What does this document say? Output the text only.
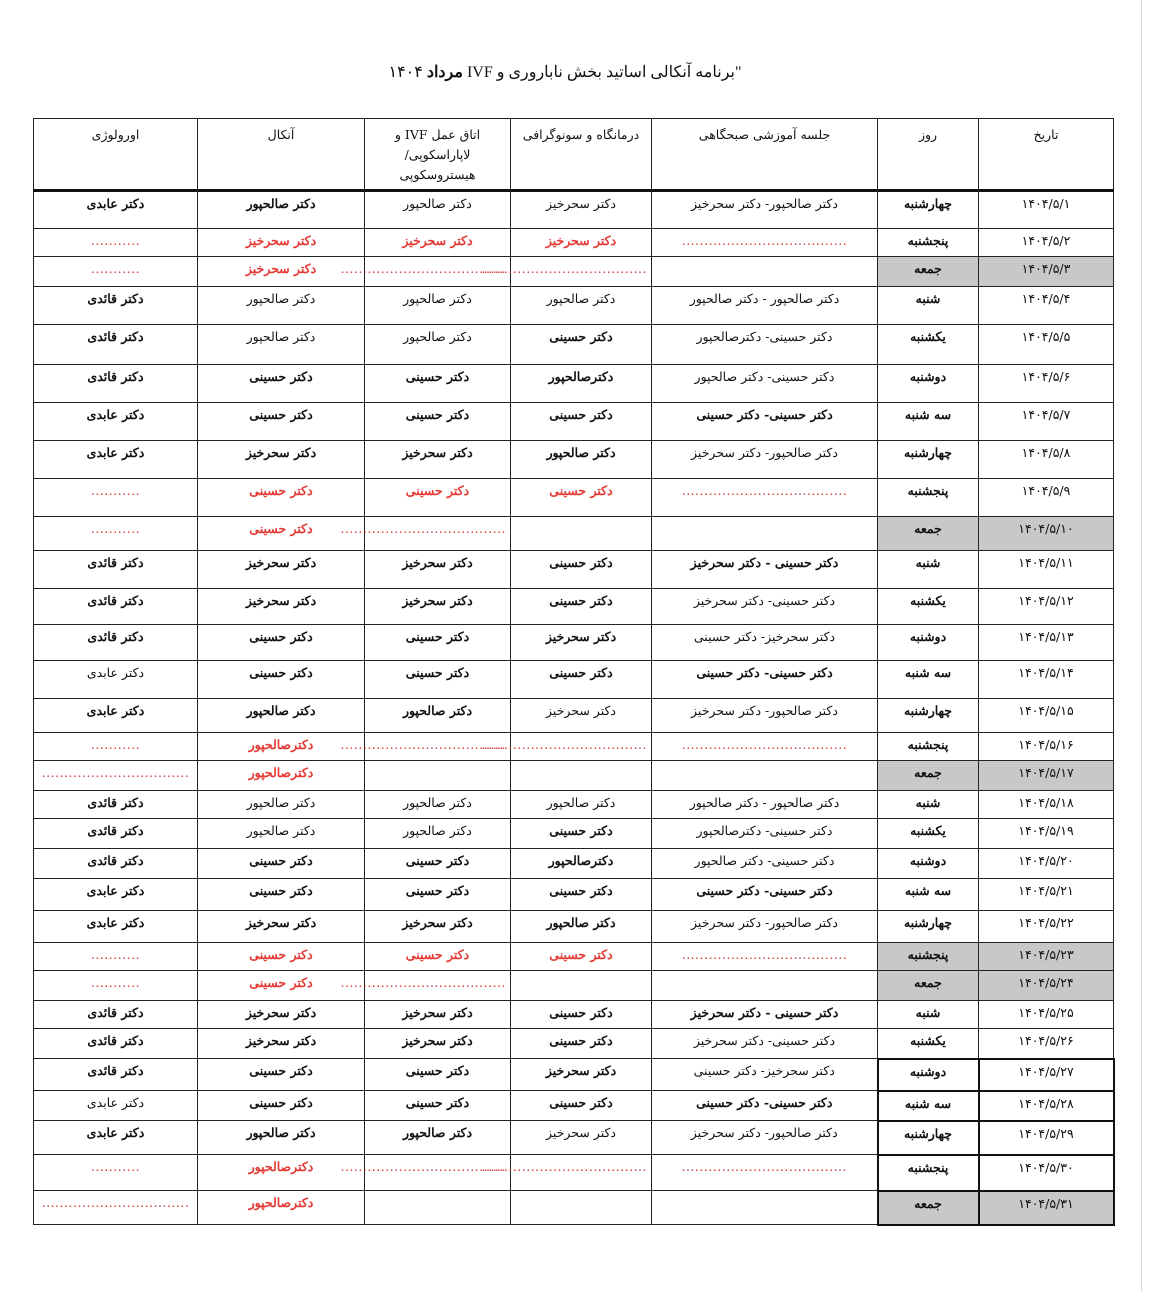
"برنامه آنکالی اساتید بخش ناباروری و IVF مرداد ۱۴۰۴
تاریخ	روز	جلسه آموزشی صبحگاهی	درمانگاه و سونوگرافی	اتاق عمل IVF و
لاپاراسکوپی/
هیستروسکوپی	آنکال	اورولوژی
۱۴۰۴/۵/۱	چهارشنبه	دکتر صالحپور- دکتر سحرخیز	دکتر سحرخیز	دکتر صالحپور	دکتر صالحپور	دکتر عابدی
۱۴۰۴/۵/۲	پنجشنبه	.....................................	دکتر سحرخیز	دکتر سحرخیز	دکتر سحرخیز	...........
۱۴۰۴/۵/۳	جمعه		.....................................	.....................................	دکتر سحرخیز	...........
۱۴۰۴/۵/۴	شنبه	دکتر صالحپور - دکتر صالحپور	دکتر صالحپور	دکتر صالحپور	دکتر صالحپور	دکتر قائدی
۱۴۰۴/۵/۵	یکشنبه	دکتر حسینی- دکترصالحپور	دکتر حسینی	دکتر صالحپور	دکتر صالحپور	دکتر قائدی
۱۴۰۴/۵/۶	دوشنبه	دکتر حسینی- دکتر صالحپور	دکترصالحپور	دکتر حسینی	دکتر حسینی	دکتر قائدی
۱۴۰۴/۵/۷	سه شنبه	دکتر حسینی- دکتر حسینی	دکتر حسینی	دکتر حسینی	دکتر حسینی	دکتر عابدی
۱۴۰۴/۵/۸	چهارشنبه	دکتر صالحپور- دکتر سحرخیز	دکتر صالحپور	دکتر سحرخیز	دکتر سحرخیز	دکتر عابدی
۱۴۰۴/۵/۹	پنجشنبه	.....................................	دکتر حسینی	دکتر حسینی	دکتر حسینی	...........
۱۴۰۴/۵/۱۰	جمعه			.....................................	دکتر حسینی	...........
۱۴۰۴/۵/۱۱	شنبه	دکتر حسینی - دکتر سحرخیز	دکتر حسینی	دکتر سحرخیز	دکتر سحرخیز	دکتر قائدی
۱۴۰۴/۵/۱۲	یکشنبه	دکتر حسینی- دکتر سحرخیز	دکتر حسینی	دکتر سحرخیز	دکتر سحرخیز	دکتر قائدی
۱۴۰۴/۵/۱۳	دوشنبه	دکتر سحرخیز- دکتر حسینی	دکتر سحرخیز	دکتر حسینی	دکتر حسینی	دکتر قائدی
۱۴۰۴/۵/۱۴	سه شنبه	دکتر حسینی- دکتر حسینی	دکتر حسینی	دکتر حسینی	دکتر حسینی	دکتر عابدی
۱۴۰۴/۵/۱۵	چهارشنبه	دکتر صالحپور- دکتر سحرخیز	دکتر سحرخیز	دکتر صالحپور	دکتر صالحپور	دکتر عابدی
۱۴۰۴/۵/۱۶	پنجشنبه	.....................................	.....................................	.....................................	دکترصالحپور	...........
۱۴۰۴/۵/۱۷	جمعه				دکترصالحپور	.................................
۱۴۰۴/۵/۱۸	شنبه	دکتر صالحپور - دکتر صالحپور	دکتر صالحپور	دکتر صالحپور	دکتر صالحپور	دکتر قائدی
۱۴۰۴/۵/۱۹	یکشنبه	دکتر حسینی- دکترصالحپور	دکتر حسینی	دکتر صالحپور	دکتر صالحپور	دکتر قائدی
۱۴۰۴/۵/۲۰	دوشنبه	دکتر حسینی- دکتر صالحپور	دکترصالحپور	دکتر حسینی	دکتر حسینی	دکتر قائدی
۱۴۰۴/۵/۲۱	سه شنبه	دکتر حسینی- دکتر حسینی	دکتر حسینی	دکتر حسینی	دکتر حسینی	دکتر عابدی
۱۴۰۴/۵/۲۲	چهارشنبه	دکتر صالحپور- دکتر سحرخیز	دکتر صالحپور	دکتر سحرخیز	دکتر سحرخیز	دکتر عابدی
۱۴۰۴/۵/۲۳	پنجشنبه	.....................................	دکتر حسینی	دکتر حسینی	دکتر حسینی	...........
۱۴۰۴/۵/۲۴	جمعه			.....................................	دکتر حسینی	...........
۱۴۰۴/۵/۲۵	شنبه	دکتر حسینی - دکتر سحرخیز	دکتر حسینی	دکتر سحرخیز	دکتر سحرخیز	دکتر قائدی
۱۴۰۴/۵/۲۶	یکشنبه	دکتر حسینی- دکتر سحرخیز	دکتر حسینی	دکتر سحرخیز	دکتر سحرخیز	دکتر قائدی
۱۴۰۴/۵/۲۷	دوشنبه	دکتر سحرخیز- دکتر حسینی	دکتر سحرخیز	دکتر حسینی	دکتر حسینی	دکتر قائدی
۱۴۰۴/۵/۲۸	سه شنبه	دکتر حسینی- دکتر حسینی	دکتر حسینی	دکتر حسینی	دکتر حسینی	دکتر عابدی
۱۴۰۴/۵/۲۹	چهارشنبه	دکتر صالحپور- دکتر سحرخیز	دکتر سحرخیز	دکتر صالحپور	دکتر صالحپور	دکتر عابدی
۱۴۰۴/۵/۳۰	پنجشنبه	.....................................	.....................................	.....................................	دکترصالحپور	...........
۱۴۰۴/۵/۳۱	جمعه				دکترصالحپور	.................................
